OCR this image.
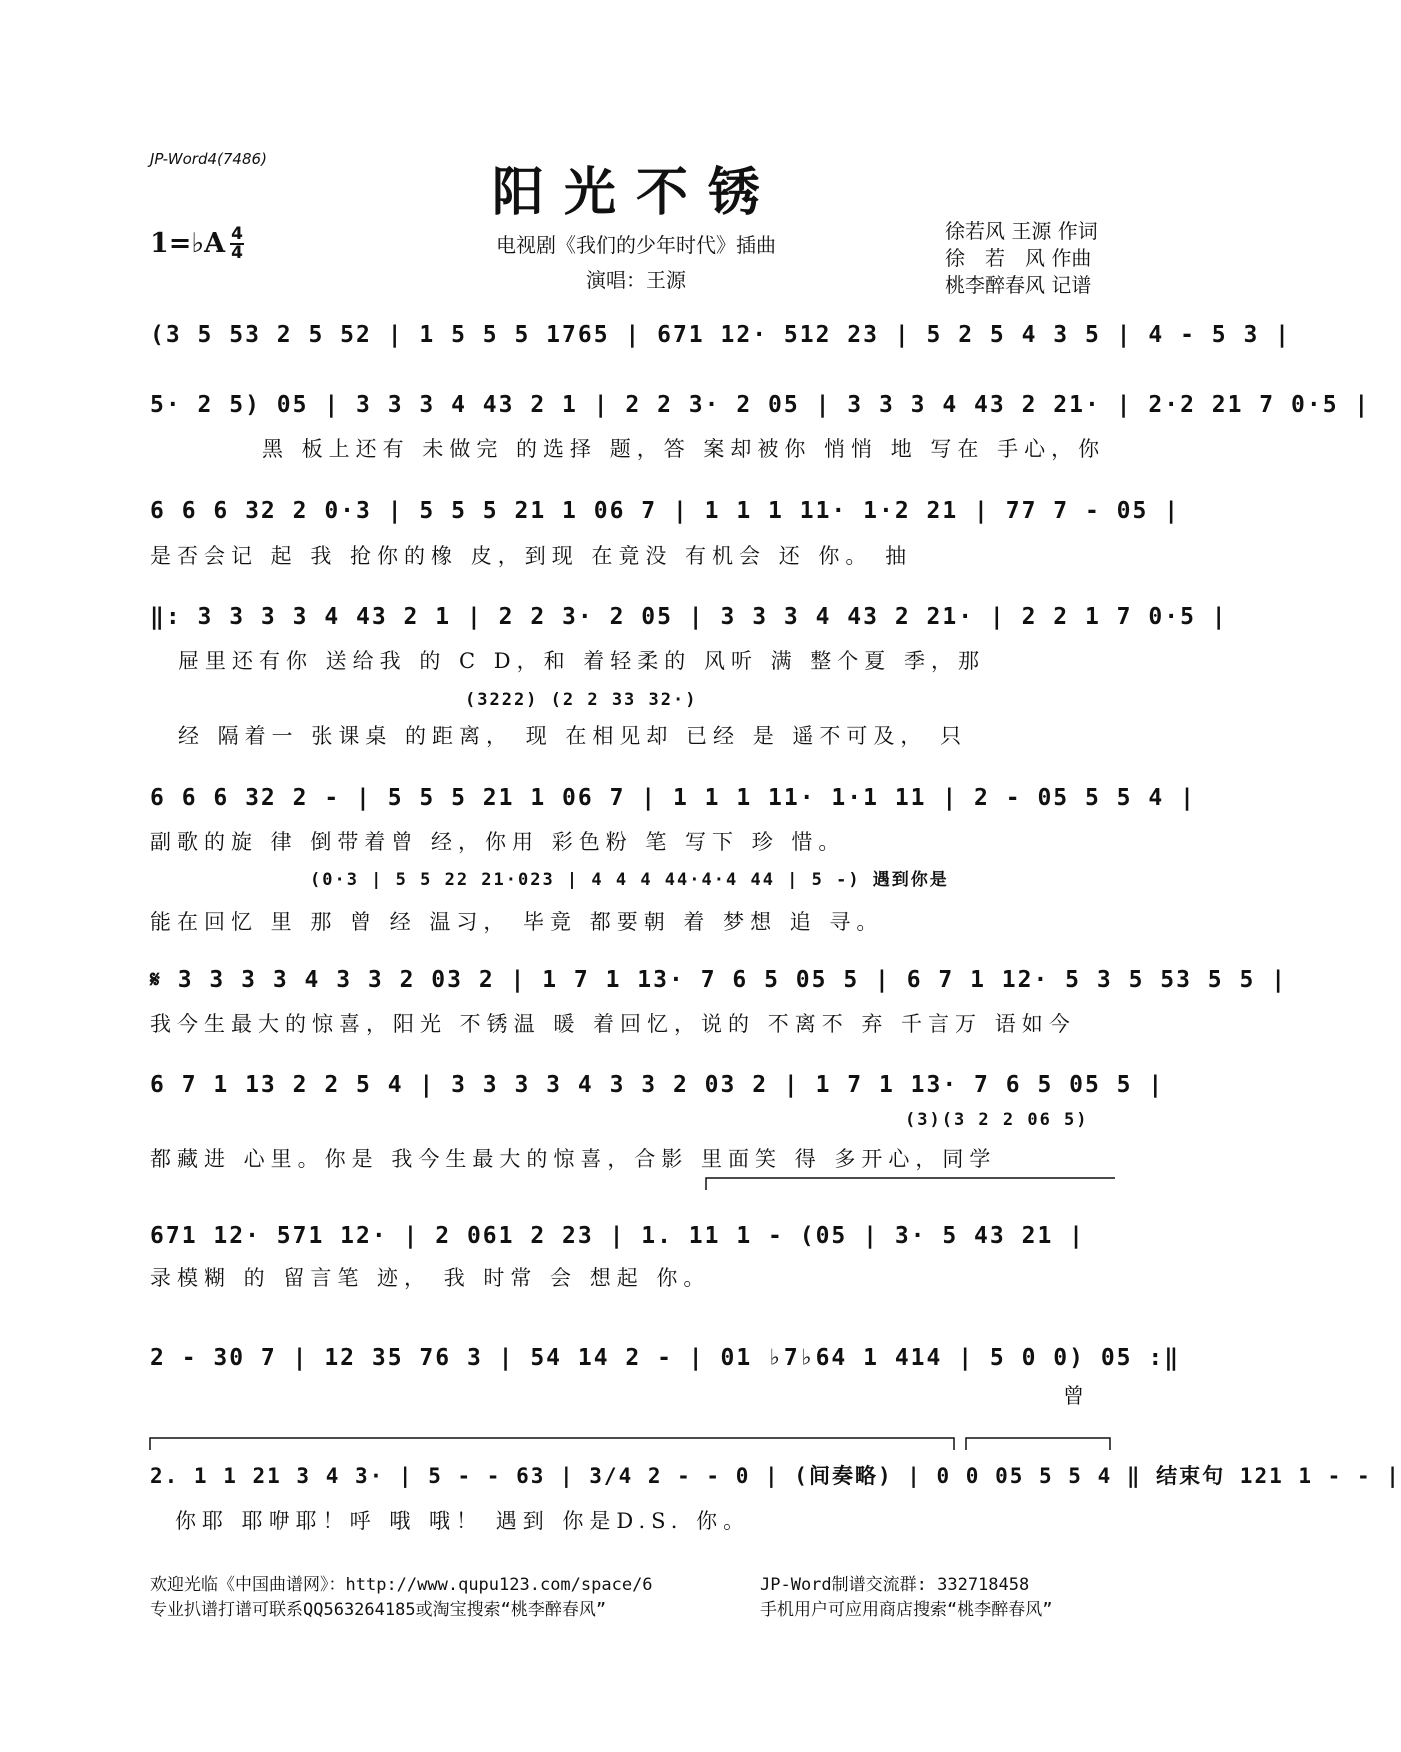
JP-Word4(7486)
阳光不锈
1=♭A 4
4	电视剧《我们的少年时代》插曲
演唱：王源
徐若风 王源 作词
徐　若　风 作曲
桃李醉春风 记谱
(3 5 53 2 5 52 | 1 5 5 5 1765 | 671 12· 512 23 | 5 2 5 4 3 5 | 4 - 5 3 |
5· 2 5) 05 | 3 3 3 4 43 2 1 | 2 2 3· 2 05 | 3 3 3 4 43 2 21· | 2·2 21 7 0·5 |
黑 板上还有 未做完 的选择 题，答 案却被你 悄悄 地 写在 手心，你
6 6 6 32 2 0·3 | 5 5 5 21 1 06 7 | 1 1 1 11· 1·2 21 | 77 7 - 05 |
是否会记 起 我 抢你的橡 皮，到现 在竟没 有机会 还 你。 抽
‖: 3 3 3 3 4 43 2 1 | 2 2 3· 2 05 | 3 3 3 4 43 2 21· | 2 2 1 7 0·5 |
屉里还有你 送给我 的 C D，和 着轻柔的 风听 满 整个夏 季，那
(3222) (2 2 33 32·)
经 隔着一 张课桌 的距离， 现 在相见却 已经 是 遥不可及， 只
6 6 6 32 2 - | 5 5 5 21 1 06 7 | 1 1 1 11· 1·1 11 | 2 - 05 5 5 4 |
副歌的旋 律 倒带着曾 经，你用 彩色粉 笔 写下 珍 惜。
(0·3 | 5 5 22 21·023 | 4 4 4 44·4·4 44 | 5 -) 遇到你是
能在回忆 里 那 曾 经 温习， 毕竟 都要朝 着 梦想 追 寻。
𝄋 3 3 3 3 4 3 3 2 03 2 | 1 7 1 13· 7 6 5 05 5 | 6 7 1 12· 5 3 5 53 5 5 |
我今生最大的惊喜，阳光 不锈温 暖 着回忆，说的 不离不 弃 千言万 语如今
6 7 1 13 2 2 5 4 | 3 3 3 3 4 3 3 2 03 2 | 1 7 1 13· 7 6 5 05 5 |
(3)(3 2 2 06 5)
都藏进 心里。你是 我今生最大的惊喜，合影 里面笑 得 多开心，同学
671 12· 571 12· | 2 061 2 23 | 1. 11 1 - (05 | 3· 5 43 21 |
录模糊 的 留言笔 迹， 我 时常 会 想起 你。
2 - 30 7 | 12 35 76 3 | 54 14 2 - | 01 ♭7♭64 1 414 | 5 0 0) 05 :‖
曾
2. 1 1 21 3 4 3· | 5 - - 63 | 3/4 2 - - 0 | (间奏略) | 0 0 05 5 5 4 ‖ 结束句 121 1 - - |
你耶 耶咿耶！呼 哦 哦！ 遇到 你是D.S. 你。
欢迎光临《中国曲谱网》：http://www.qupu123.com/space/6
专业扒谱打谱可联系QQ563264185或淘宝搜索“桃李醉春风”
JP-Word制谱交流群: 332718458
手机用户可应用商店搜索“桃李醉春风”
